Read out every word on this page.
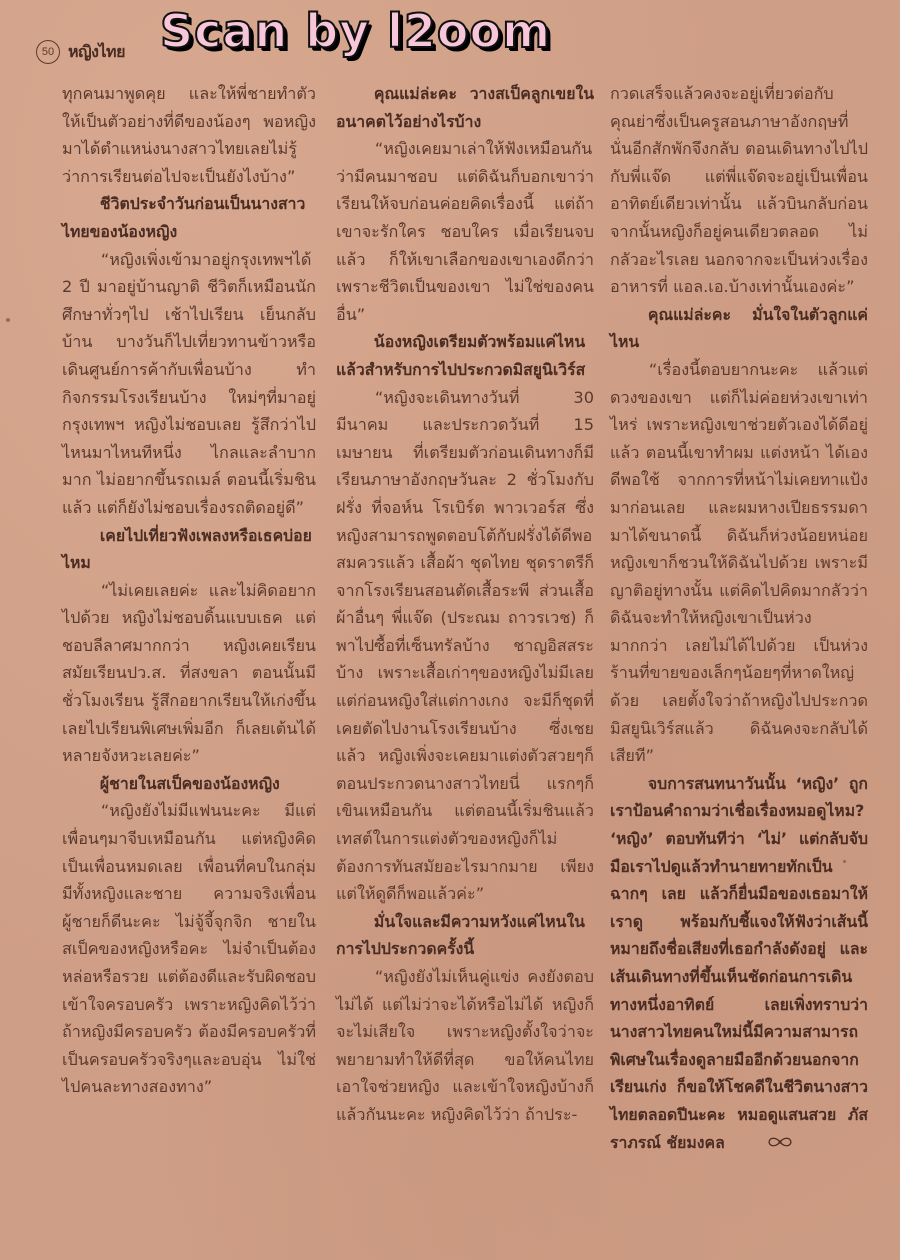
50 หญิงไทย Scan by l2oom

ทุกคนมาพูดคุย และให้พี่ชายทำตัวให้เป็นตัวอย่างที่ดีของน้องๆ พอหญิงมาได้ตำแหน่งนางสาวไทยเลยไม่รู้ว่าการเรียนต่อไปจะเป็นยังไงบ้าง”

ชีวิตประจำวันก่อนเป็นนางสาวไทยของน้องหญิง

“หญิงเพิ่งเข้ามาอยู่กรุงเทพฯได้ 2 ปี มาอยู่บ้านญาติ ชีวิตก็เหมือนนักศึกษาทั่วๆไป เช้าไปเรียน เย็นกลับบ้าน บางวันก็ไปเที่ยวทานข้าวหรือเดินศูนย์การค้ากับเพื่อนบ้าง ทำกิจกรรมโรงเรียนบ้าง ใหม่ๆที่มาอยู่กรุงเทพฯ หญิงไม่ชอบเลย รู้สึกว่าไปไหนมาไหนทีหนึ่ง ไกลและลำบากมาก ไม่อยากขึ้นรถเมล์ ตอนนี้เริ่มชินแล้ว แต่ก็ยังไม่ชอบเรื่องรถติดอยู่ดี”

เคยไปเที่ยวฟังเพลงหรือเธคบ่อยไหม

“ไม่เคยเลยค่ะ และไม่คิดอยากไปด้วย หญิงไม่ชอบดิ้นแบบเธค แต่ชอบลีลาศมากกว่า หญิงเคยเรียนสมัยเรียนปว.ส. ที่สงขลา ตอนนั้นมีชั่วโมงเรียน รู้สึกอยากเรียนให้เก่งขึ้น เลยไปเรียนพิเศษเพิ่มอีก ก็เลยเต้นได้หลายจังหวะเลยค่ะ”

ผู้ชายในสเป็คของน้องหญิง

“หญิงยังไม่มีแฟนนะคะ มีแต่เพื่อนๆมาจีบเหมือนกัน แต่หญิงคิดเป็นเพื่อนหมดเลย เพื่อนที่คบในกลุ่มมีทั้งหญิงและชาย ความจริงเพื่อนผู้ชายก็ดีนะคะ ไม่จู้จี้จุกจิก ชายในสเป็คของหญิงหรือคะ ไม่จำเป็นต้องหล่อหรือรวย แต่ต้องดีและรับผิดชอบเข้าใจครอบครัว เพราะหญิงคิดไว้ว่าถ้าหญิงมีครอบครัว ต้องมีครอบครัวที่เป็นครอบครัวจริงๆและอบอุ่น ไม่ใช่ไปคนละทางสองทาง”

คุณแม่ล่ะคะ วางสเป็คลูกเขยในอนาคตไว้อย่างไรบ้าง

“หญิงเคยมาเล่าให้ฟังเหมือนกันว่ามีคนมาชอบ แต่ดิฉันก็บอกเขาว่าเรียนให้จบก่อนค่อยคิดเรื่องนี้ แต่ถ้าเขาจะรักใคร ชอบใคร เมื่อเรียนจบแล้ว ก็ให้เขาเลือกของเขาเองดีกว่า เพราะชีวิตเป็นของเขา ไม่ใช่ของคนอื่น”

น้องหญิงเตรียมตัวพร้อมแค่ไหนแล้วสำหรับการไปประกวดมิสยูนิเวิร์ส

“หญิงจะเดินทางวันที่ 30 มีนาคม และประกวดวันที่ 15 เมษายน ที่เตรียมตัวก่อนเดินทางก็มีเรียนภาษาอังกฤษวันละ 2 ชั่วโมงกับฝรั่ง ที่จอห์น โรเบิร์ต พาวเวอร์ส ซึ่งหญิงสามารถพูดตอบโต้กับฝรั่งได้ดีพอสมควรแล้ว เสื้อผ้า ชุดไทย ชุดราตรีก็จากโรงเรียนสอนตัดเสื้อระพี ส่วนเสื้อผ้าอื่นๆ พี่แจ๊ด (ประณม ถาวรเวช) ก็พาไปซื้อที่เซ็นทรัลบ้าง ชาญอิสสระบ้าง เพราะเสื้อเก่าๆของหญิงไม่มีเลย แต่ก่อนหญิงใส่แต่กางเกง จะมีก็ชุดที่เคยตัดไปงานโรงเรียนบ้าง ซึ่งเชยแล้ว หญิงเพิ่งจะเคยมาแต่งตัวสวยๆก็ตอนประกวดนางสาวไทยนี่ แรกๆก็เขินเหมือนกัน แต่ตอนนี้เริ่มชินแล้ว เทสต์ในการแต่งตัวของหญิงก็ไม่ต้องการทันสมัยอะไรมากมาย เพียงแต่ให้ดูดีก็พอแล้วค่ะ”

มั่นใจและมีความหวังแค่ไหนในการไปประกวดครั้งนี้

“หญิงยังไม่เห็นคู่แข่ง คงยังตอบไม่ได้ แต่ไม่ว่าจะได้หรือไม่ได้ หญิงก็จะไม่เสียใจ เพราะหญิงตั้งใจว่าจะพยายามทำให้ดีที่สุด ขอให้คนไทยเอาใจช่วยหญิง และเข้าใจหญิงบ้างก็แล้วกันนะคะ หญิงคิดไว้ว่า ถ้าประ-

กวดเสร็จแล้วคงจะอยู่เที่ยวต่อกับคุณย่าซึ่งเป็นครูสอนภาษาอังกฤษที่นั่นอีกสักพักจึงกลับ ตอนเดินทางไปไปกับพี่แจ๊ด แต่พี่แจ๊ดจะอยู่เป็นเพื่อนอาทิตย์เดียวเท่านั้น แล้วบินกลับก่อน จากนั้นหญิงก็อยู่คนเดียวตลอด ไม่กลัวอะไรเลย นอกจากจะเป็นห่วงเรื่องอาหารที่ แอล.เอ.บ้างเท่านั้นเองค่ะ”

คุณแม่ล่ะคะ มั่นใจในตัวลูกแค่ไหน

“เรื่องนี้ตอบยากนะคะ แล้วแต่ดวงของเขา แต่ก็ไม่ค่อยห่วงเขาเท่าไหร่ เพราะหญิงเขาช่วยตัวเองได้ดีอยู่แล้ว ตอนนี้เขาทำผม แต่งหน้า ได้เองดีพอใช้ จากการที่หน้าไม่เคยทาแป้งมาก่อนเลย และผมหางเปียธรรมดามาได้ขนาดนี้ ดิฉันก็ห่วงน้อยหน่อย หญิงเขาก็ชวนให้ดิฉันไปด้วย เพราะมีญาติอยู่ทางนั้น แต่คิดไปคิดมากลัวว่าดิฉันจะทำให้หญิงเขาเป็นห่วงมากกว่า เลยไม่ได้ไปด้วย เป็นห่วงร้านที่ขายของเล็กๆน้อยๆที่หาดใหญ่ด้วย เลยตั้งใจว่าถ้าหญิงไปประกวดมิสยูนิเวิร์สแล้ว ดิฉันคงจะกลับได้เสียที”

จบการสนทนาวันนั้น ‘หญิง’ ถูกเราป้อนคำถามว่าเชื่อเรื่องหมอดูไหม? ‘หญิง’ ตอบทันทีว่า ‘ไม่’ แต่กลับจับมือเราไปดูแล้วทำนายทายทักเป็นฉากๆ เลย แล้วก็ยื่นมือของเธอมาให้เราดู พร้อมกับชี้แจงให้ฟังว่าเส้นนี้หมายถึงชื่อเสียงที่เธอกำลังดังอยู่ และเส้นเดินทางที่ขึ้นเห็นชัดก่อนการเดินทางหนึ่งอาทิตย์ เลยเพิ่งทราบว่า นางสาวไทยคนใหม่นี้มีความสามารถพิเศษในเรื่องดูลายมืออีกด้วยนอกจากเรียนเก่ง ก็ขอให้โชคดีในชีวิตนางสาวไทยตลอดปีนะคะ หมอดูแสนสวย ภัสราภรณ์ ชัยมงคล
